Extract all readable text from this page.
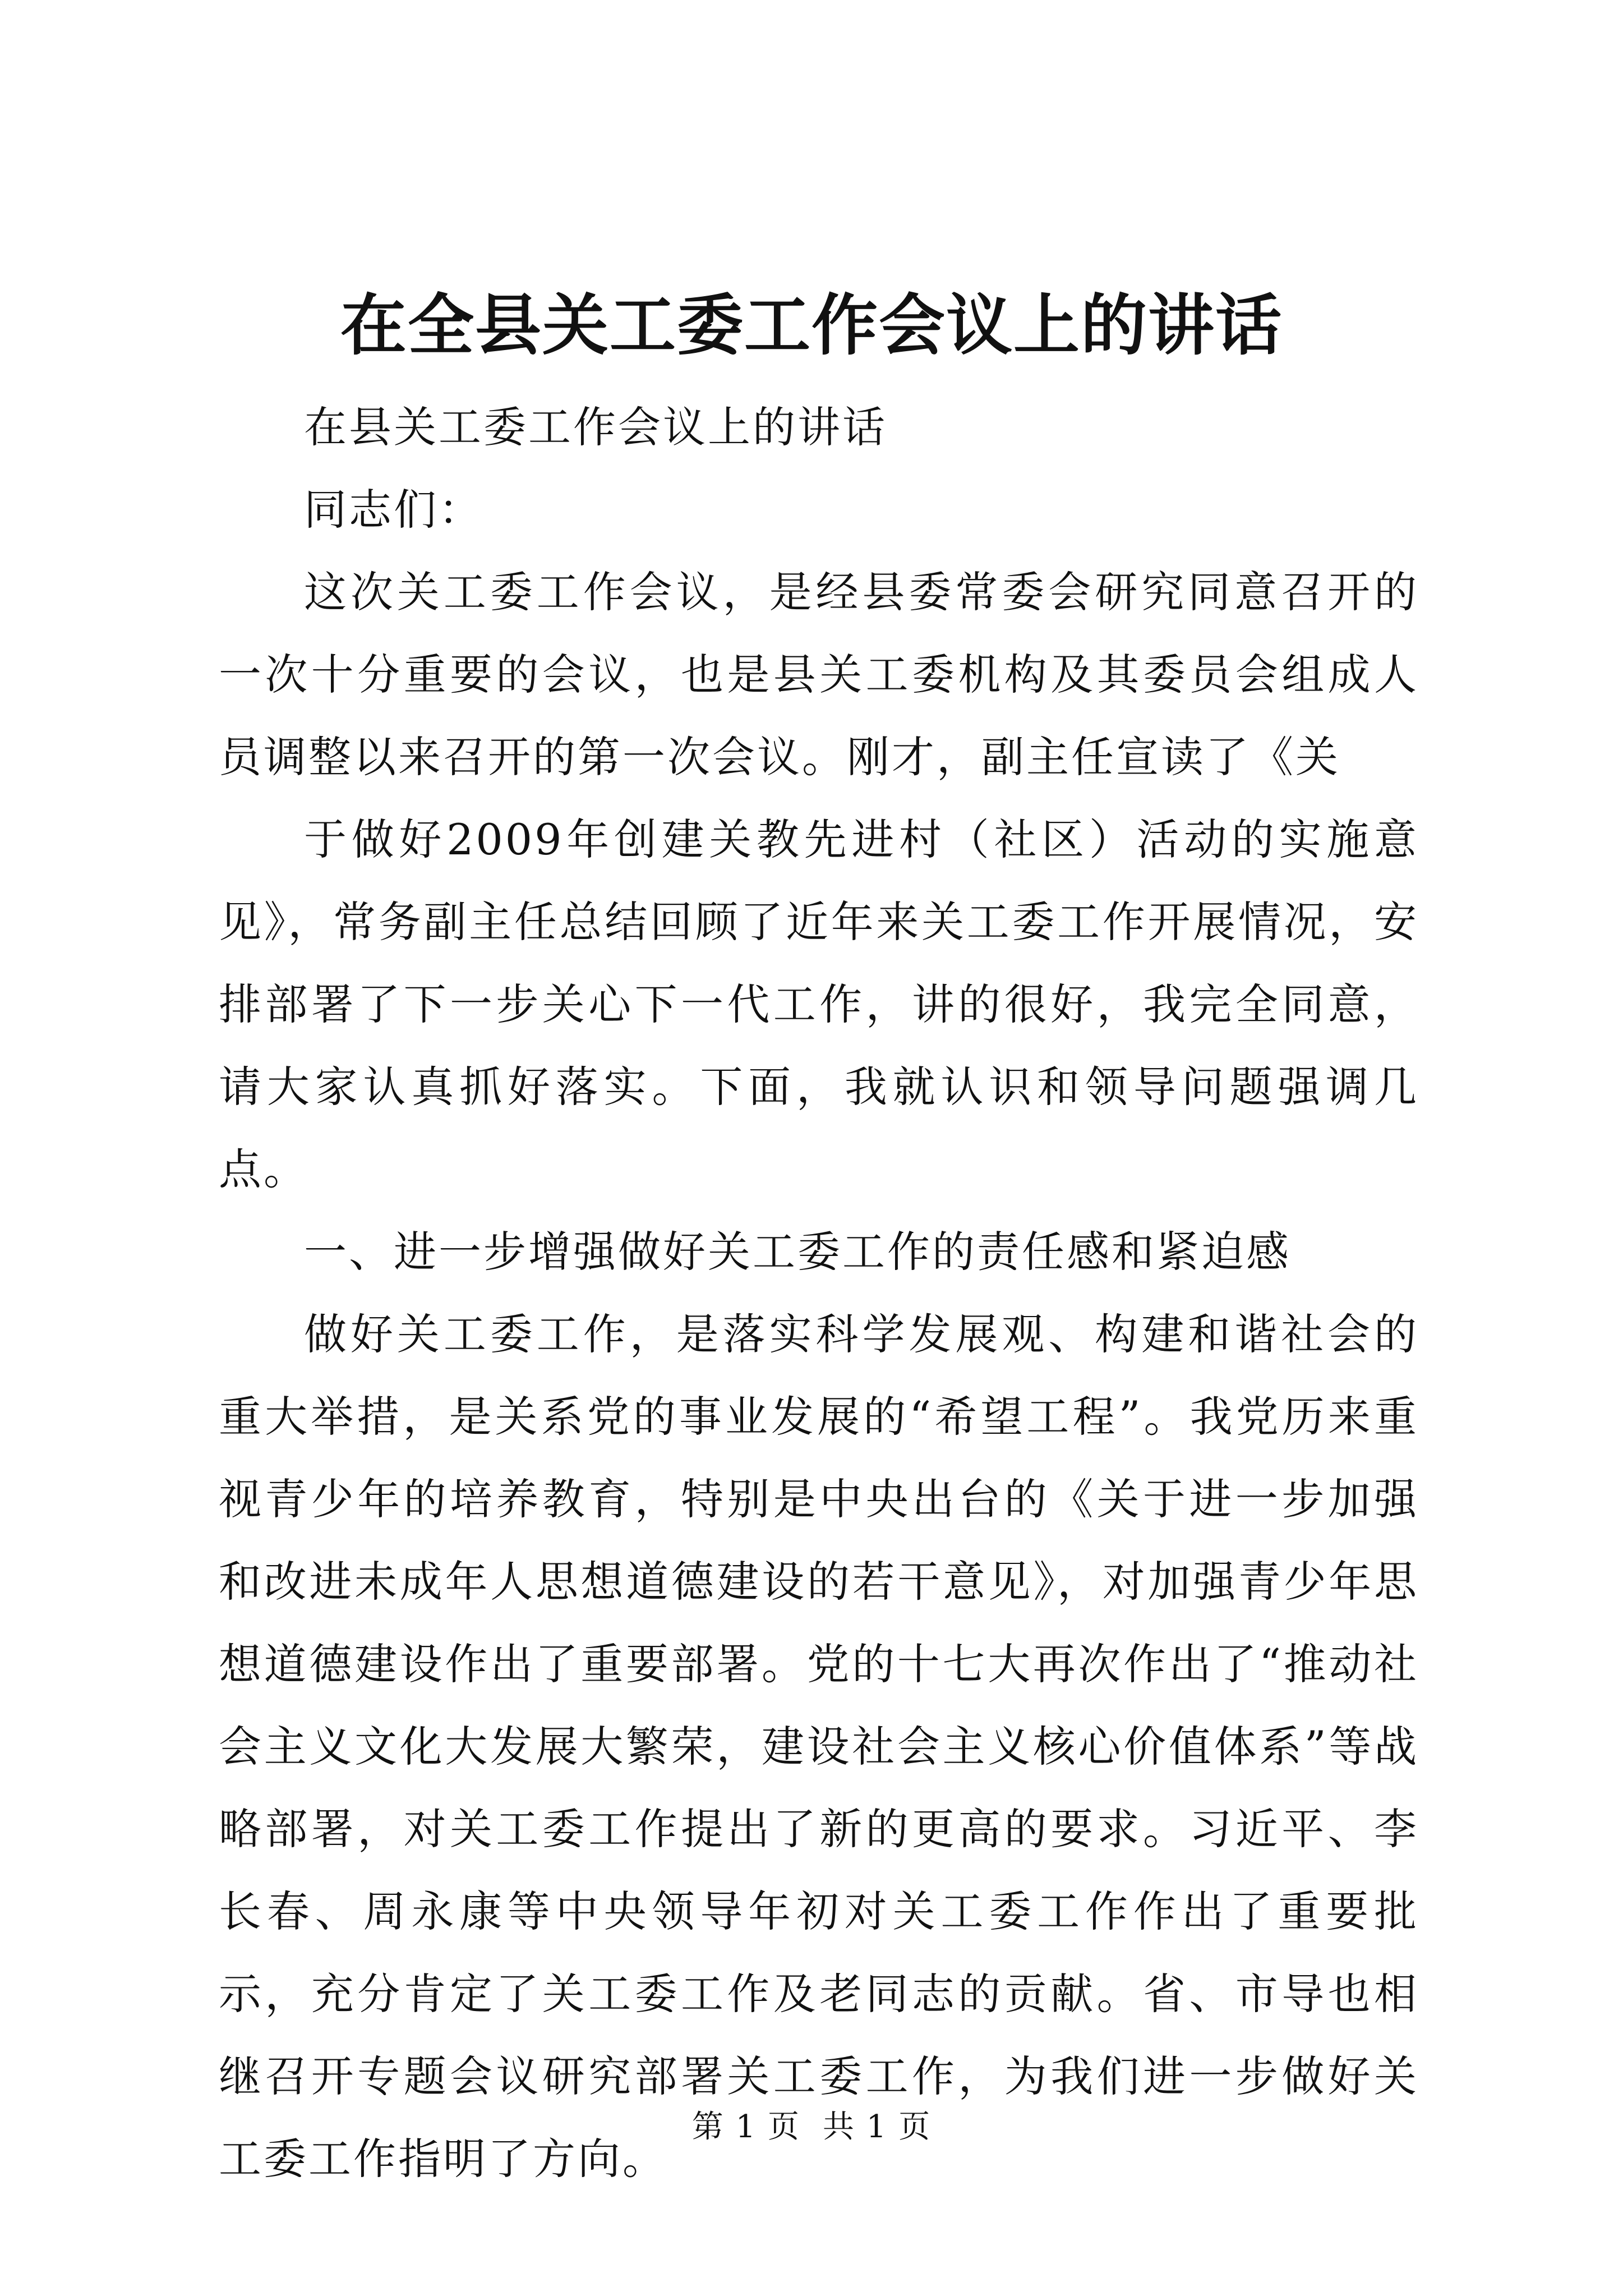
在全县关工委工作会议上的讲话

在县关工委工作会议上的讲话

同志们：

这次关工委工作会议，是经县委常委会研究同意召开的一次十分重要的会议，也是县关工委机构及其委员会组成人员调整以来召开的第一次会议。刚才，副主任宣读了《关

于做好2009年创建关教先进村（社区）活动的实施意见》，常务副主任总结回顾了近年来关工委工作开展情况，安排部署了下一步关心下一代工作，讲的很好，我完全同意，请大家认真抓好落实。下面，我就认识和领导问题强调几点。

一、进一步增强做好关工委工作的责任感和紧迫感

做好关工委工作，是落实科学发展观、构建和谐社会的重大举措，是关系党的事业发展的“希望工程”。我党历来重视青少年的培养教育，特别是中央出台的《关于进一步加强和改进未成年人思想道德建设的若干意见》，对加强青少年思想道德建设作出了重要部署。党的十七大再次作出了“推动社会主义文化大发展大繁荣，建设社会主义核心价值体系”等战略部署，对关工委工作提出了新的更高的要求。习近平、李长春、周永康等中央领导年初对关工委工作作出了重要批示，充分肯定了关工委工作及老同志的贡献。省、市导也相继召开专题会议研究部署关工委工作，为我们进一步做好关工委工作指明了方向。

第 1 页 共 1 页
